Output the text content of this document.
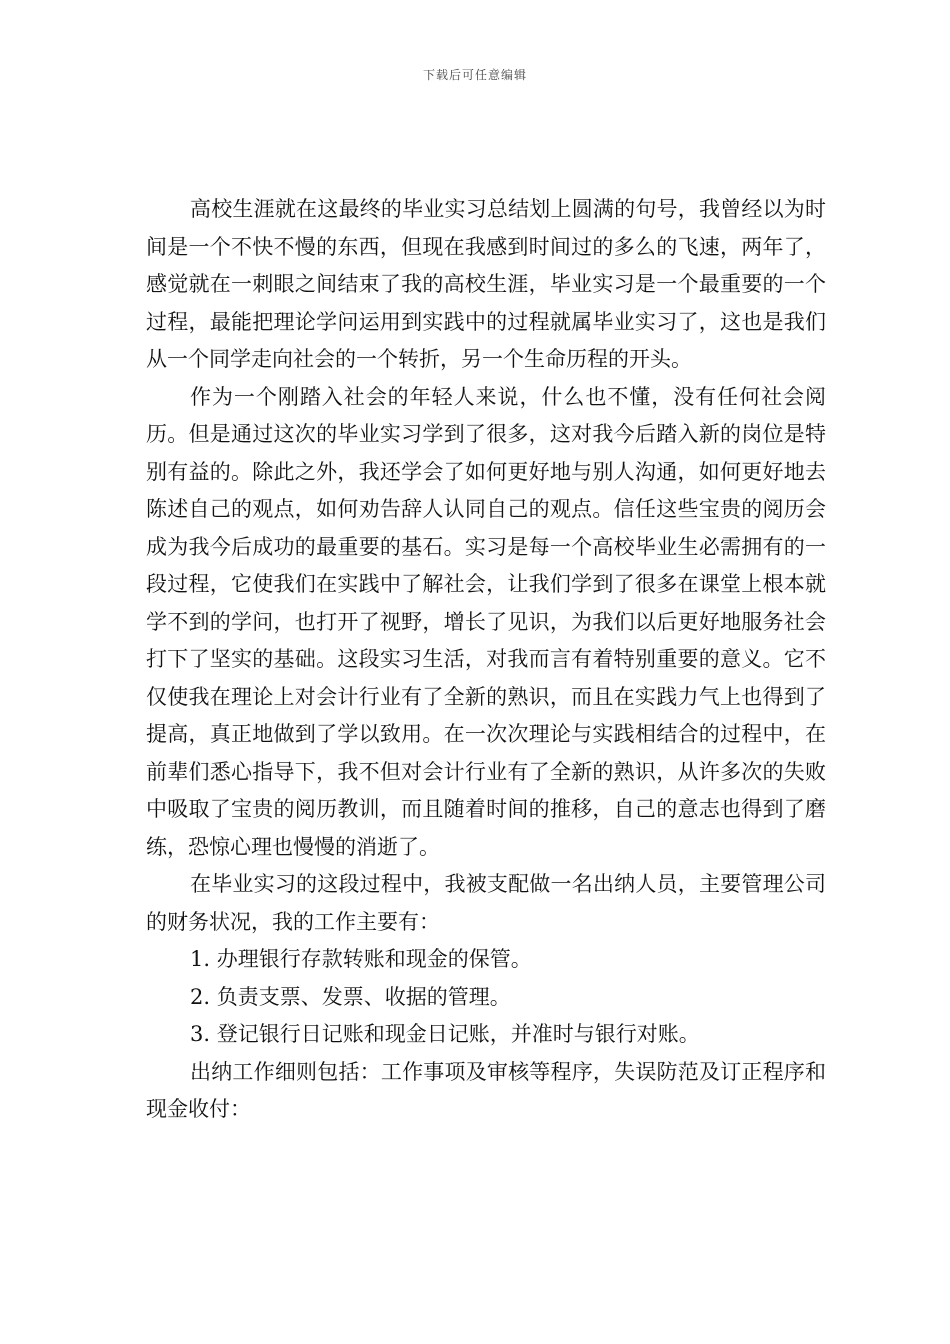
下载后可任意编辑

高校生涯就在这最终的毕业实习总结划上圆满的句号，我曾经以为时间是一个不快不慢的东西，但现在我感到时间过的多么的飞速，两年了，感觉就在一刺眼之间结束了我的高校生涯，毕业实习是一个最重要的一个过程，最能把理论学问运用到实践中的过程就属毕业实习了，这也是我们从一个同学走向社会的一个转折，另一个生命历程的开头。

作为一个刚踏入社会的年轻人来说，什么也不懂，没有任何社会阅历。但是通过这次的毕业实习学到了很多，这对我今后踏入新的岗位是特别有益的。除此之外，我还学会了如何更好地与别人沟通，如何更好地去陈述自己的观点，如何劝告辞人认同自己的观点。信任这些宝贵的阅历会成为我今后成功的最重要的基石。实习是每一个高校毕业生必需拥有的一段过程，它使我们在实践中了解社会，让我们学到了很多在课堂上根本就学不到的学问，也打开了视野，增长了见识，为我们以后更好地服务社会打下了坚实的基础。这段实习生活，对我而言有着特别重要的意义。它不仅使我在理论上对会计行业有了全新的熟识，而且在实践力气上也得到了提高，真正地做到了学以致用。在一次次理论与实践相结合的过程中，在前辈们悉心指导下，我不但对会计行业有了全新的熟识，从许多次的失败中吸取了宝贵的阅历教训，而且随着时间的推移，自己的意志也得到了磨练，恐惊心理也慢慢的消逝了。

在毕业实习的这段过程中，我被支配做一名出纳人员，主要管理公司的财务状况，我的工作主要有：

1. 办理银行存款转账和现金的保管。

2. 负责支票、发票、收据的管理。

3. 登记银行日记账和现金日记账，并准时与银行对账。

出纳工作细则包括：工作事项及审核等程序，失误防范及订正程序和现金收付：
